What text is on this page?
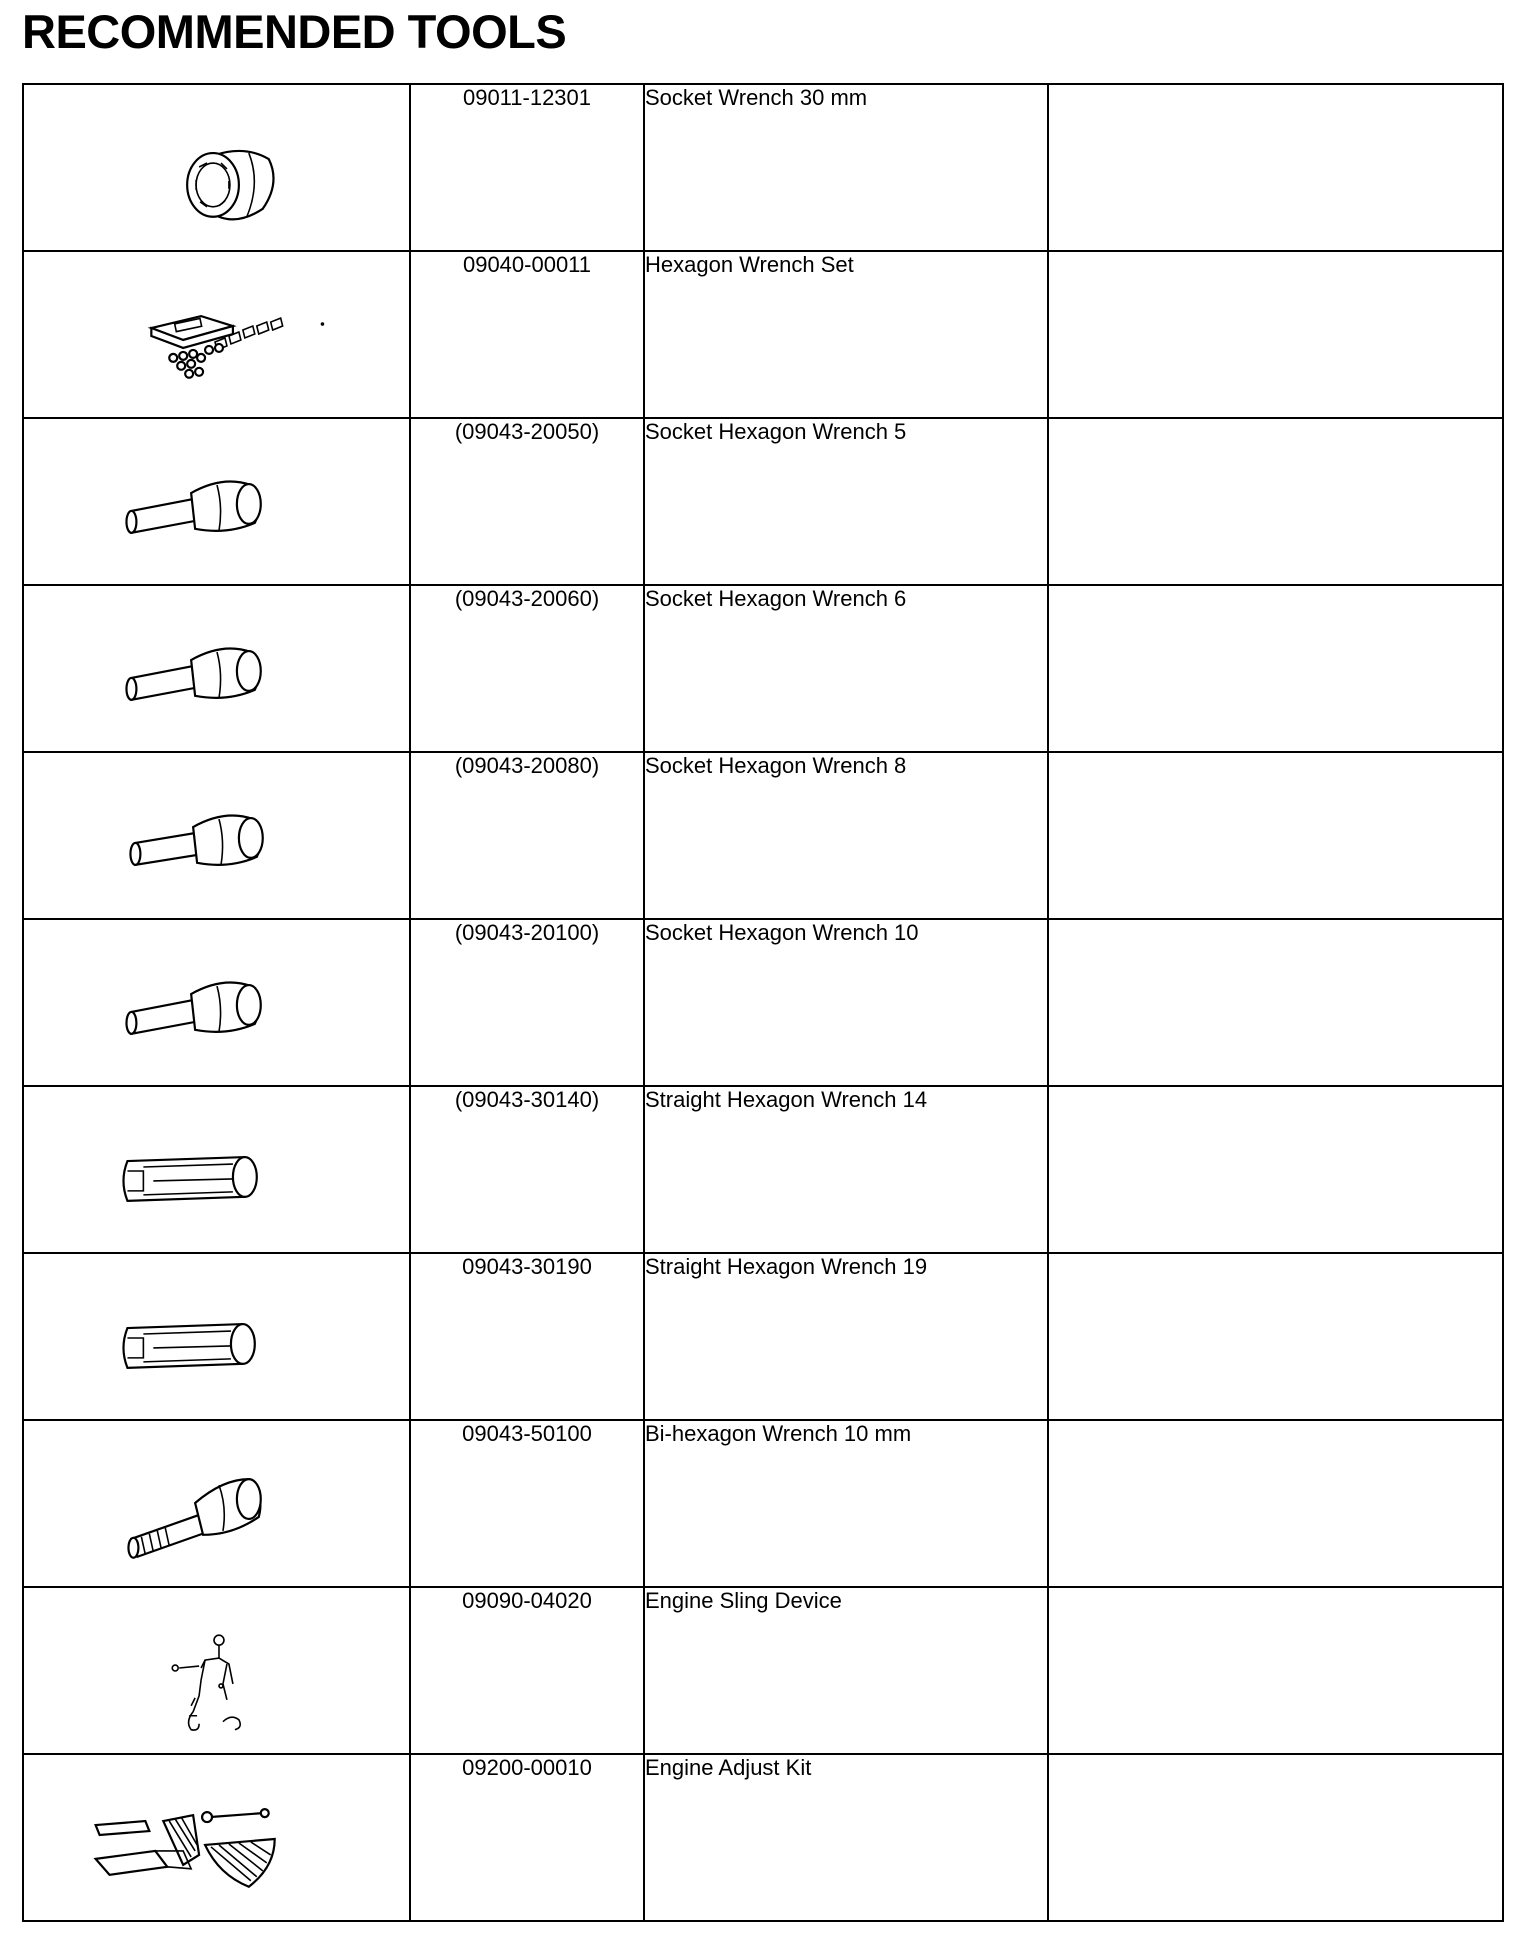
RECOMMENDED TOOLS
	09011-12301	Socket Wrench 30 mm	

	09040-00011	Hexagon Wrench Set	

	(09043-20050)	Socket Hexagon Wrench 5	

	(09043-20060)	Socket Hexagon Wrench 6	

	(09043-20080)	Socket Hexagon Wrench 8	

	(09043-20100)	Socket Hexagon Wrench 10	

	(09043-30140)	Straight Hexagon Wrench 14	

	09043-30190	Straight Hexagon Wrench 19	

	09043-50100	Bi-hexagon Wrench 10 mm	

	09090-04020	Engine Sling Device	

	09200-00010	Engine Adjust Kit	
